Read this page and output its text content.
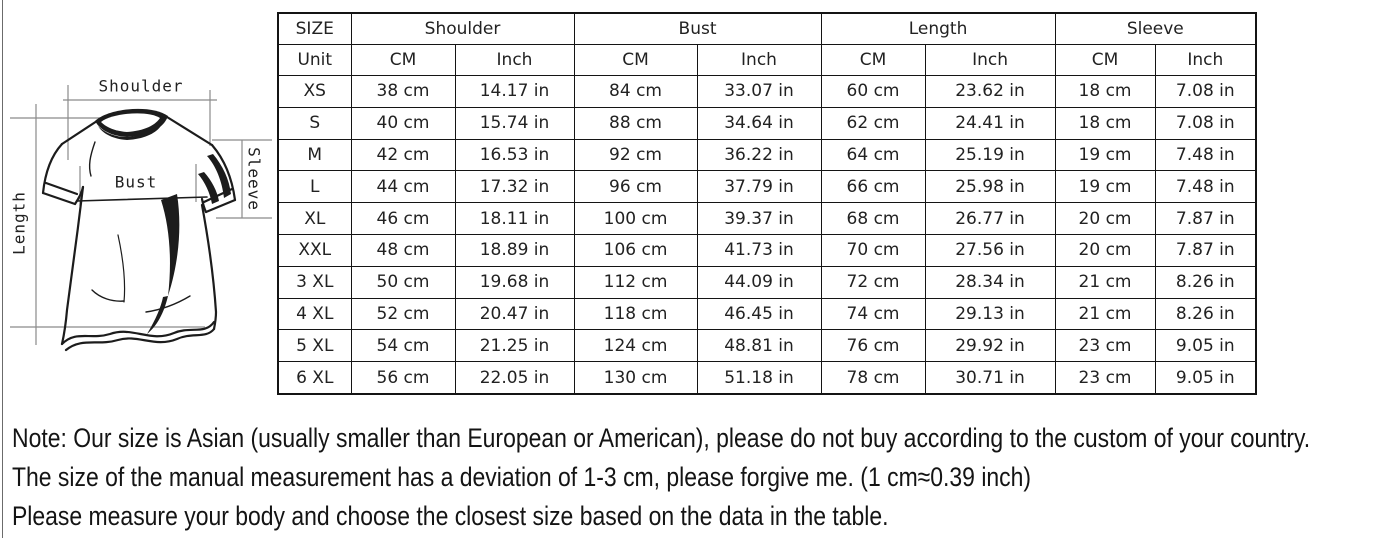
Shoulder
Bust
Length
Sleeve
SIZE	Shoulder		Bust		Length		Sleeve	
Unit	CM	Inch	CM	Inch	CM	Inch	CM	Inch
XS	38 cm	14.17 in	84 cm	33.07 in	60 cm	23.62 in	18 cm	7.08 in
S	40 cm	15.74 in	88 cm	34.64 in	62 cm	24.41 in	18 cm	7.08 in
M	42 cm	16.53 in	92 cm	36.22 in	64 cm	25.19 in	19 cm	7.48 in
L	44 cm	17.32 in	96 cm	37.79 in	66 cm	25.98 in	19 cm	7.48 in
XL	46 cm	18.11 in	100 cm	39.37 in	68 cm	26.77 in	20 cm	7.87 in
XXL	48 cm	18.89 in	106 cm	41.73 in	70 cm	27.56 in	20 cm	7.87 in
3 XL	50 cm	19.68 in	112 cm	44.09 in	72 cm	28.34 in	21 cm	8.26 in
4 XL	52 cm	20.47 in	118 cm	46.45 in	74 cm	29.13 in	21 cm	8.26 in
5 XL	54 cm	21.25 in	124 cm	48.81 in	76 cm	29.92 in	23 cm	9.05 in
6 XL	56 cm	22.05 in	130 cm	51.18 in	78 cm	30.71 in	23 cm	9.05 in

Note: Our size is Asian (usually smaller than European or American), please do not buy according to the custom of your country.

The size of the manual measurement has a deviation of 1-3 cm, please forgive me. (1 cm≈0.39 inch)

Please measure your body and choose the closest size based on the data in the table.
